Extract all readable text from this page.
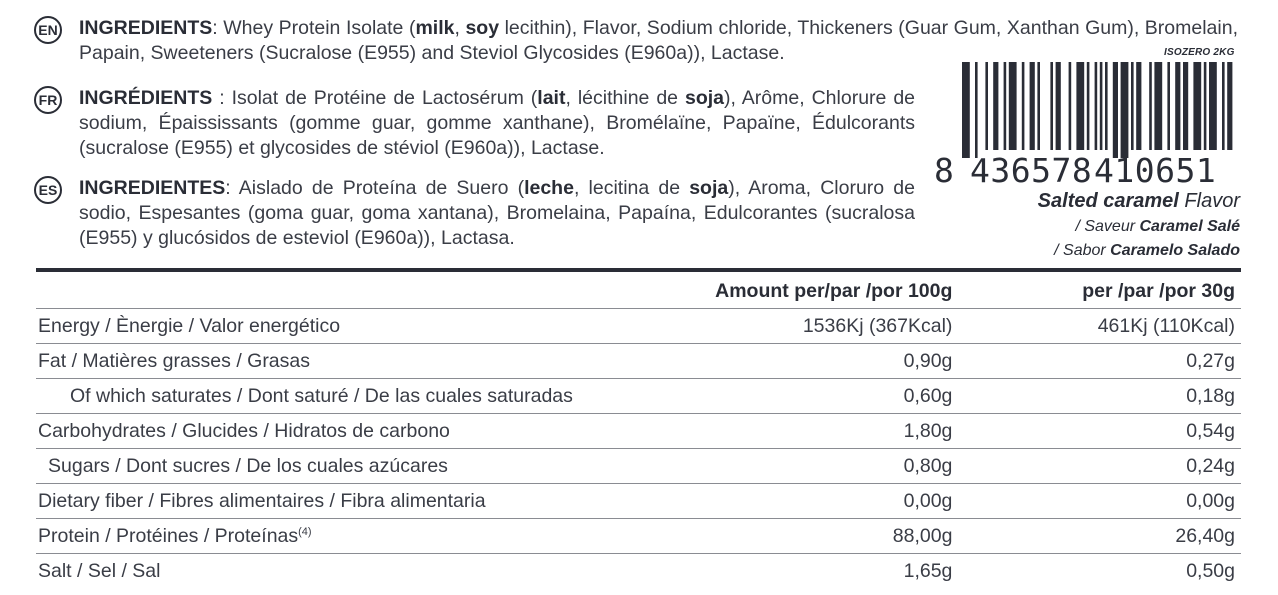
EN INGREDIENTS: Whey Protein Isolate (milk, soy lecithin), Flavor, Sodium chloride, Thickeners (Guar Gum, Xanthan Gum), Bromelain, Papain, Sweeteners (Sucralose (E955) and Steviol Glycosides (E960a)), Lactase.
FR INGRÉDIENTS : Isolat de Protéine de Lactosérum (lait, lécithine de soja), Arôme, Chlorure de sodium, Épaississants (gomme guar, gomme xanthane), Bromélaïne, Papaïne, Édulcorants (sucralose (E955) et glycosides de stéviol (E960a)), Lactase.
ES INGREDIENTES: Aislado de Proteína de Suero (leche, lecitina de soja), Aroma, Cloruro de sodio, Espesantes (goma guar, goma xantana), Bromelaina, Papaína, Edulcorantes (sucralosa (E955) y glucósidos de esteviol (E960a)), Lactasa.
ISOZERO 2KG
8 436578 410651
Salted caramel Flavor
/ Saveur Caramel Salé
/ Sabor Caramelo Salado
	Amount per/par /por 100g	per /par /por 30g
Energy / Ènergie / Valor energético	1536Kj (367Kcal)	461Kj (110Kcal)
Fat / Matières grasses / Grasas	0,90g	0,27g
Of which saturates / Dont saturé / De las cuales saturadas	0,60g	0,18g
Carbohydrates / Glucides / Hidratos de carbono	1,80g	0,54g
Sugars / Dont sucres / De los cuales azúcares	0,80g	0,24g
Dietary fiber / Fibres alimentaires / Fibra alimentaria	0,00g	0,00g
Protein / Protéines / Proteínas$^{(4)}$	88,00g	26,40g
Salt / Sel / Sal	1,65g	0,50g
